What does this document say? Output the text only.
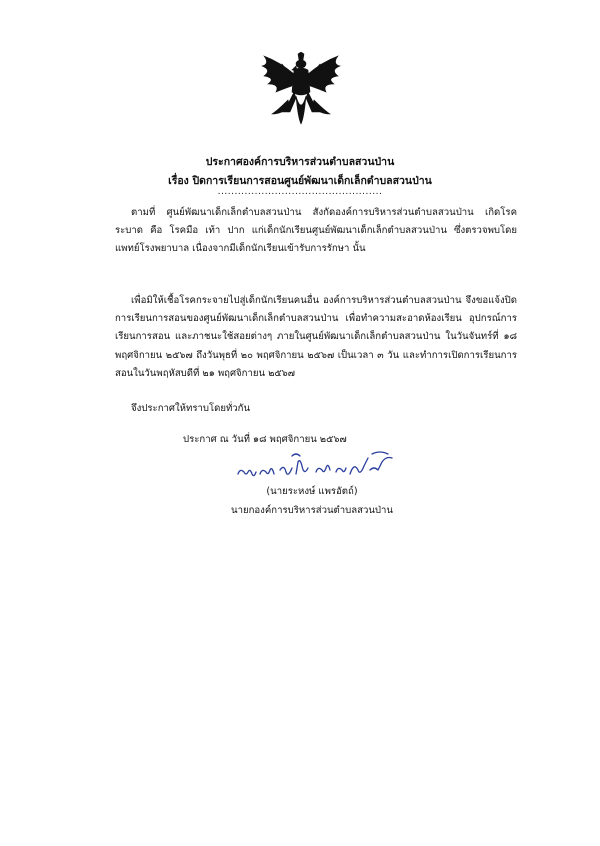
ประกาศองค์การบริหารส่วนตำบลสวนป่าน
เรื่อง ปิดการเรียนการสอนศูนย์พัฒนาเด็กเล็กตำบลสวนป่าน
.................................................
ตามที่ ศูนย์พัฒนาเด็กเล็กตำบลสวนป่าน สังกัดองค์การบริหารส่วนตำบลสวนป่าน เกิดโรคระบาด คือ โรคมือ เท้า ปาก แก่เด็กนักเรียนศูนย์พัฒนาเด็กเล็กตำบลสวนป่าน ซึ่งตรวจพบโดยแพทย์โรงพยาบาล เนื่องจากมีเด็กนักเรียนเข้ารับการรักษา นั้น
เพื่อมิให้เชื้อโรคกระจายไปสู่เด็กนักเรียนคนอื่น องค์การบริหารส่วนตำบลสวนป่าน จึงขอแจ้งปิดการเรียนการสอนของศูนย์พัฒนาเด็กเล็กตำบลสวนป่าน เพื่อทำความสะอาดห้องเรียน อุปกรณ์การเรียนการสอน และภาชนะใช้สอยต่างๆ ภายในศูนย์พัฒนาเด็กเล็กตำบลสวนป่าน ในวันจันทร์ที่ ๑๘ พฤศจิกายน ๒๕๖๗ ถึงวันพุธที่ ๒๐ พฤศจิกายน ๒๕๖๗ เป็นเวลา ๓ วัน และทำการเปิดการเรียนการสอนในวันพฤหัสบดีที่ ๒๑ พฤศจิกายน ๒๕๖๗
จึงประกาศให้ทราบโดยทั่วกัน
ประกาศ ณ วันที่ ๑๘ พฤศจิกายน ๒๕๖๗
(นายระหงษ์ แพรอัตถ์)
นายกองค์การบริหารส่วนตำบลสวนป่าน
